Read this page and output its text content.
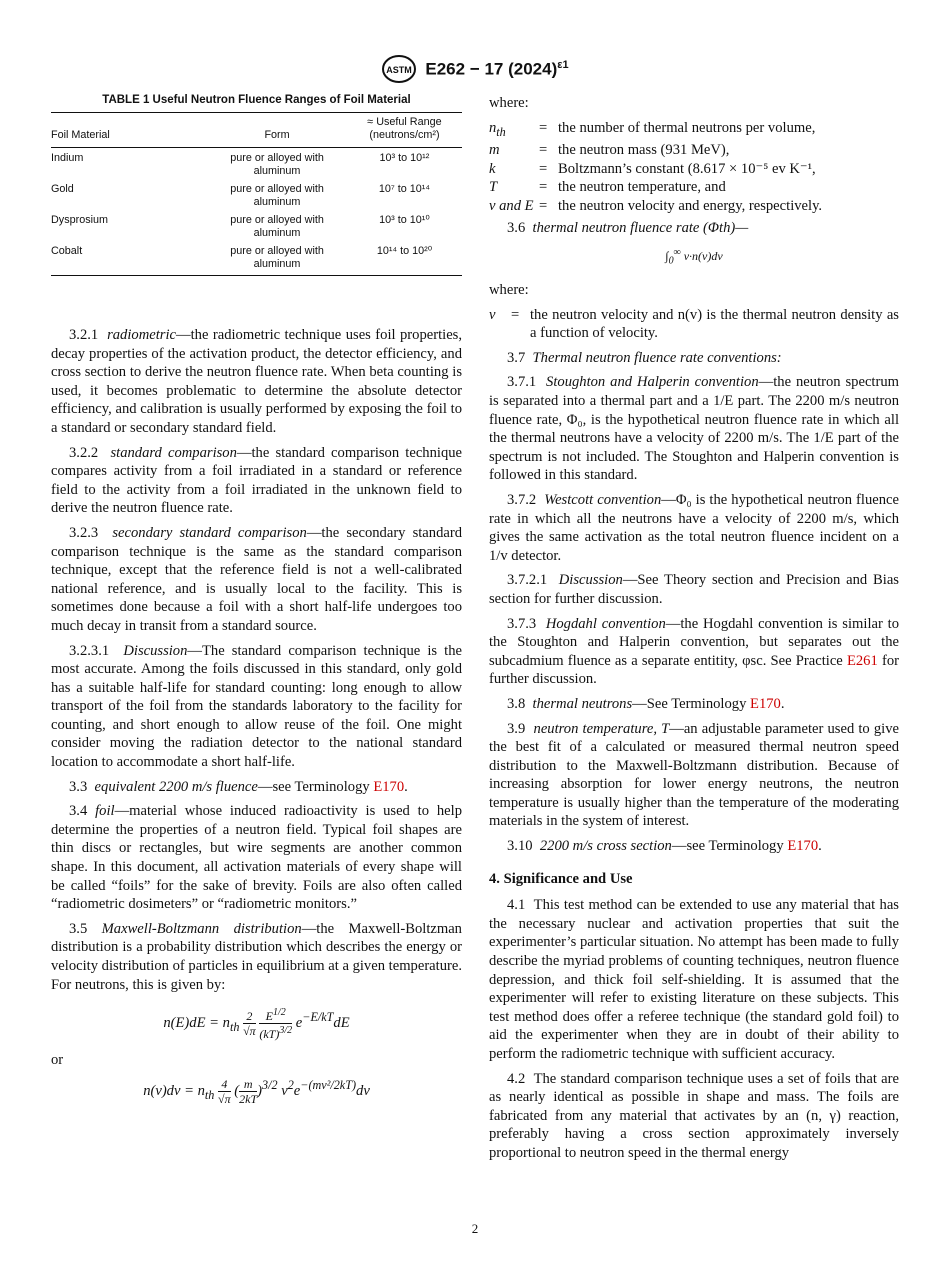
ASTM E262 − 17 $(2024)^{\varepsilon 1}$
TABLE 1 Useful Neutron Fluence Ranges of Foil Material
Foil Material	Form	≈ Useful Range
(neutrons/cm²)
Indium	pure or alloyed with aluminum	10³ to 10¹²
Gold	pure or alloyed with aluminum	10⁷ to 10¹⁴
Dysprosium	pure or alloyed with aluminum	10³ to 10¹⁰
Cobalt	pure or alloyed with aluminum	10¹⁴ to 10²⁰

3.2.1 radiometric—the radiometric technique uses foil properties, decay properties of the activation product, the detector efficiency, and cross section to derive the neutron fluence rate. When beta counting is used, it becomes problematic to determine the absolute detector efficiency, and calibration is usually performed by exposing the foil to a standard or secondary standard field.

3.2.2 standard comparison—the standard comparison technique compares activity from a foil irradiated in a standard or reference field to the activity from a foil irradiated in the unknown field to derive the neutron fluence rate.

3.2.3 secondary standard comparison—the secondary standard comparison technique is the same as the standard comparison technique, except that the reference field is not a well-calibrated national reference, and is usually local to the facility. This is sometimes done because a foil with a short half-life undergoes too much decay in transit from a standard source.

3.2.3.1 Discussion—The standard comparison technique is the most accurate. Among the foils discussed in this standard, only gold has a suitable half-life for standard counting: long enough to allow transport of the foil from the standards laboratory to the facility for counting, and short enough to allow reuse of the foil. One might consider moving the radiation detector to the national standard location to accommodate a short half-life.

3.3 equivalent 2200 m/s fluence—see Terminology E170.

3.4 foil—material whose induced radioactivity is used to help determine the properties of a neutron field. Typical foil shapes are thin discs or rectangles, but wire segments are another common shape. In this document, all activation materials of every shape will be called “foils” for the sake of brevity. Foils are also often called “radiometric dosimeters” or “radiometric monitors.”

3.5 Maxwell-Boltzmann distribution—the Maxwell-Boltzman distribution is a probability distribution which describes the energy or velocity distribution of particles in equilibrium at a given temperature. For neutrons, this is given by:

$n(E)dE = n_{th} \frac{2}{√\pi}$
$\frac{E^{1/2}}{(kT)^{3/2}} e^{-E/kT}dE$

or

$n(v)dv = n_{th} \frac{4}{√\pi}$ ( $\frac{m}{2kT} )^{3/2}$ $v^2e^{-(mv^2/2kT)}dv$

where:

$n_{th}$	=	the number of thermal neutrons per volume,
m	=	the neutron mass (931 MeV),
k	=	Boltzmann’s constant (8.617 × 10⁻⁵ ev K⁻¹,
T	=	the neutron temperature, and
v and E	=	the neutron velocity and energy, respectively.

3.6 thermal neutron fluence rate (Φth)—

$\int_0^\infty$ v·n(v)dv

where:

v	=	the neutron velocity and n(v) is the thermal neutron density as a function of velocity.

3.7 Thermal neutron fluence rate conventions:

3.7.1 Stoughton and Halperin convention—the neutron spectrum is separated into a thermal part and a 1/E part. The 2200 m/s neutron fluence rate, Φ₀, is the hypothetical neutron fluence rate in which all the thermal neutrons have a velocity of 2200 m/s. The 1/E part of the spectrum is not included. The Stoughton and Halperin convention is followed in this standard.

3.7.2 Westcott convention—Φ₀ is the hypothetical neutron fluence rate in which all the neutrons have a velocity of 2200 m/s, which gives the same activation as the total neutron fluence incident on a 1/v detector.

3.7.2.1 Discussion—See Theory section and Precision and Bias section for further discussion.

3.7.3 Hogdahl convention—the Hogdahl convention is similar to the Stoughton and Halperin convention, but separates out the subcadmium fluence as a separate entitity, φsc. See Practice E261 for further discussion.

3.8 thermal neutrons—See Terminology E170.

3.9 neutron temperature, T—an adjustable parameter used to give the best fit of a calculated or measured thermal neutron speed distribution to the Maxwell-Boltzmann distribution. Because of increasing absorption for lower energy neutrons, the neutron temperature is usually higher than the temperature of the moderating materials in the system of interest.

3.10 2200 m/s cross section—see Terminology E170.

4. Significance and Use

4.1 This test method can be extended to use any material that has the necessary nuclear and activation properties that suit the experimenter’s particular situation. No attempt has been made to fully describe the myriad problems of counting techniques, neutron fluence depression, and thick foil self-shielding. It is assumed that the experimenter will refer to existing literature on these subjects. This test method does offer a referee technique (the standard gold foil) to aid the experimenter when they are in doubt of their ability to perform the radiometric technique with sufficient accuracy.

4.2 The standard comparison technique uses a set of foils that are as nearly identical as possible in shape and mass. The foils are fabricated from any material that activates by an (n, γ) reaction, preferably having a cross section approximately inversely proportional to neutron speed in the thermal energy

2
